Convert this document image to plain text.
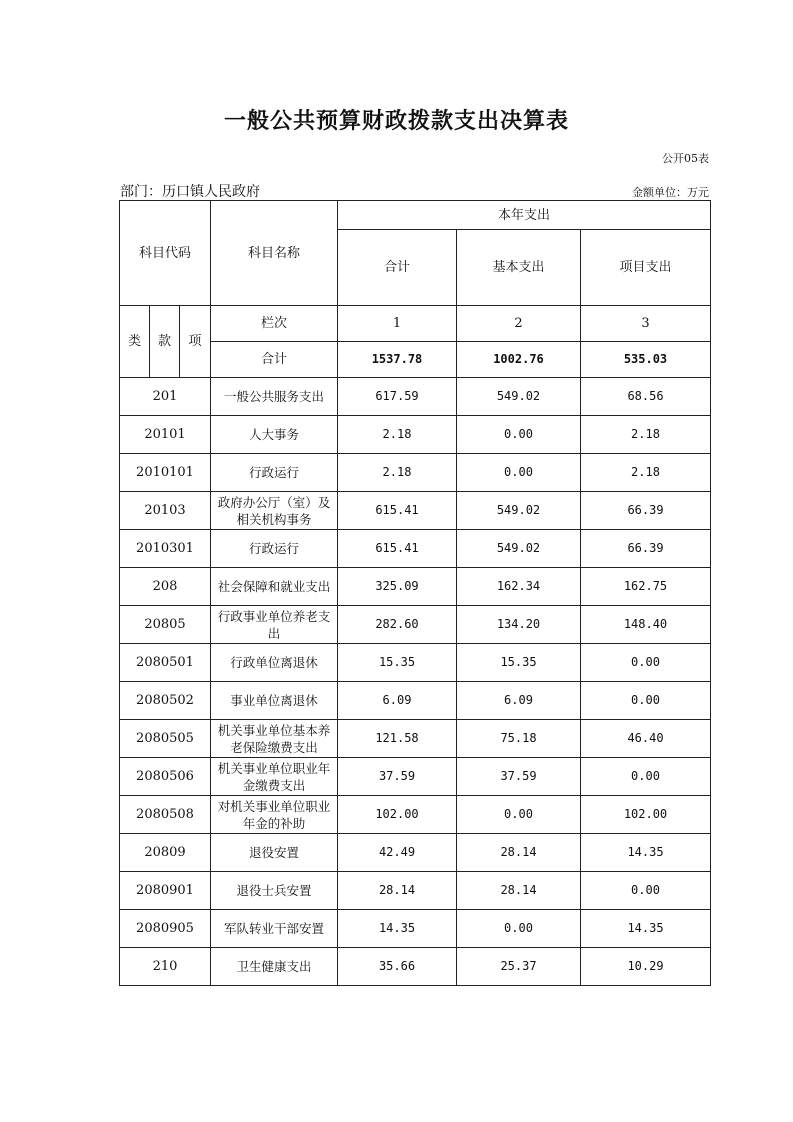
一般公共预算财政拨款支出决算表
公开05表
部门：历口镇人民政府	金额单位：万元
科目代码			科目名称	本年支出		
				合计	基本支出	项目支出
类	款	项	栏次	1	2	3
			合计	1537.78	1002.76	535.03
201			一般公共服务支出	617.59	549.02	68.56
20101			人大事务	2.18	0.00	2.18
2010101			行政运行	2.18	0.00	2.18
20103			政府办公厅（室）及相关机构事务	615.41	549.02	66.39
2010301			行政运行	615.41	549.02	66.39
208			社会保障和就业支出	325.09	162.34	162.75
20805			行政事业单位养老支出	282.60	134.20	148.40
2080501			行政单位离退休	15.35	15.35	0.00
2080502			事业单位离退休	6.09	6.09	0.00
2080505			机关事业单位基本养老保险缴费支出	121.58	75.18	46.40
2080506			机关事业单位职业年金缴费支出	37.59	37.59	0.00
2080508			对机关事业单位职业年金的补助	102.00	0.00	102.00
20809			退役安置	42.49	28.14	14.35
2080901			退役士兵安置	28.14	28.14	0.00
2080905			军队转业干部安置	14.35	0.00	14.35
210			卫生健康支出	35.66	25.37	10.29
